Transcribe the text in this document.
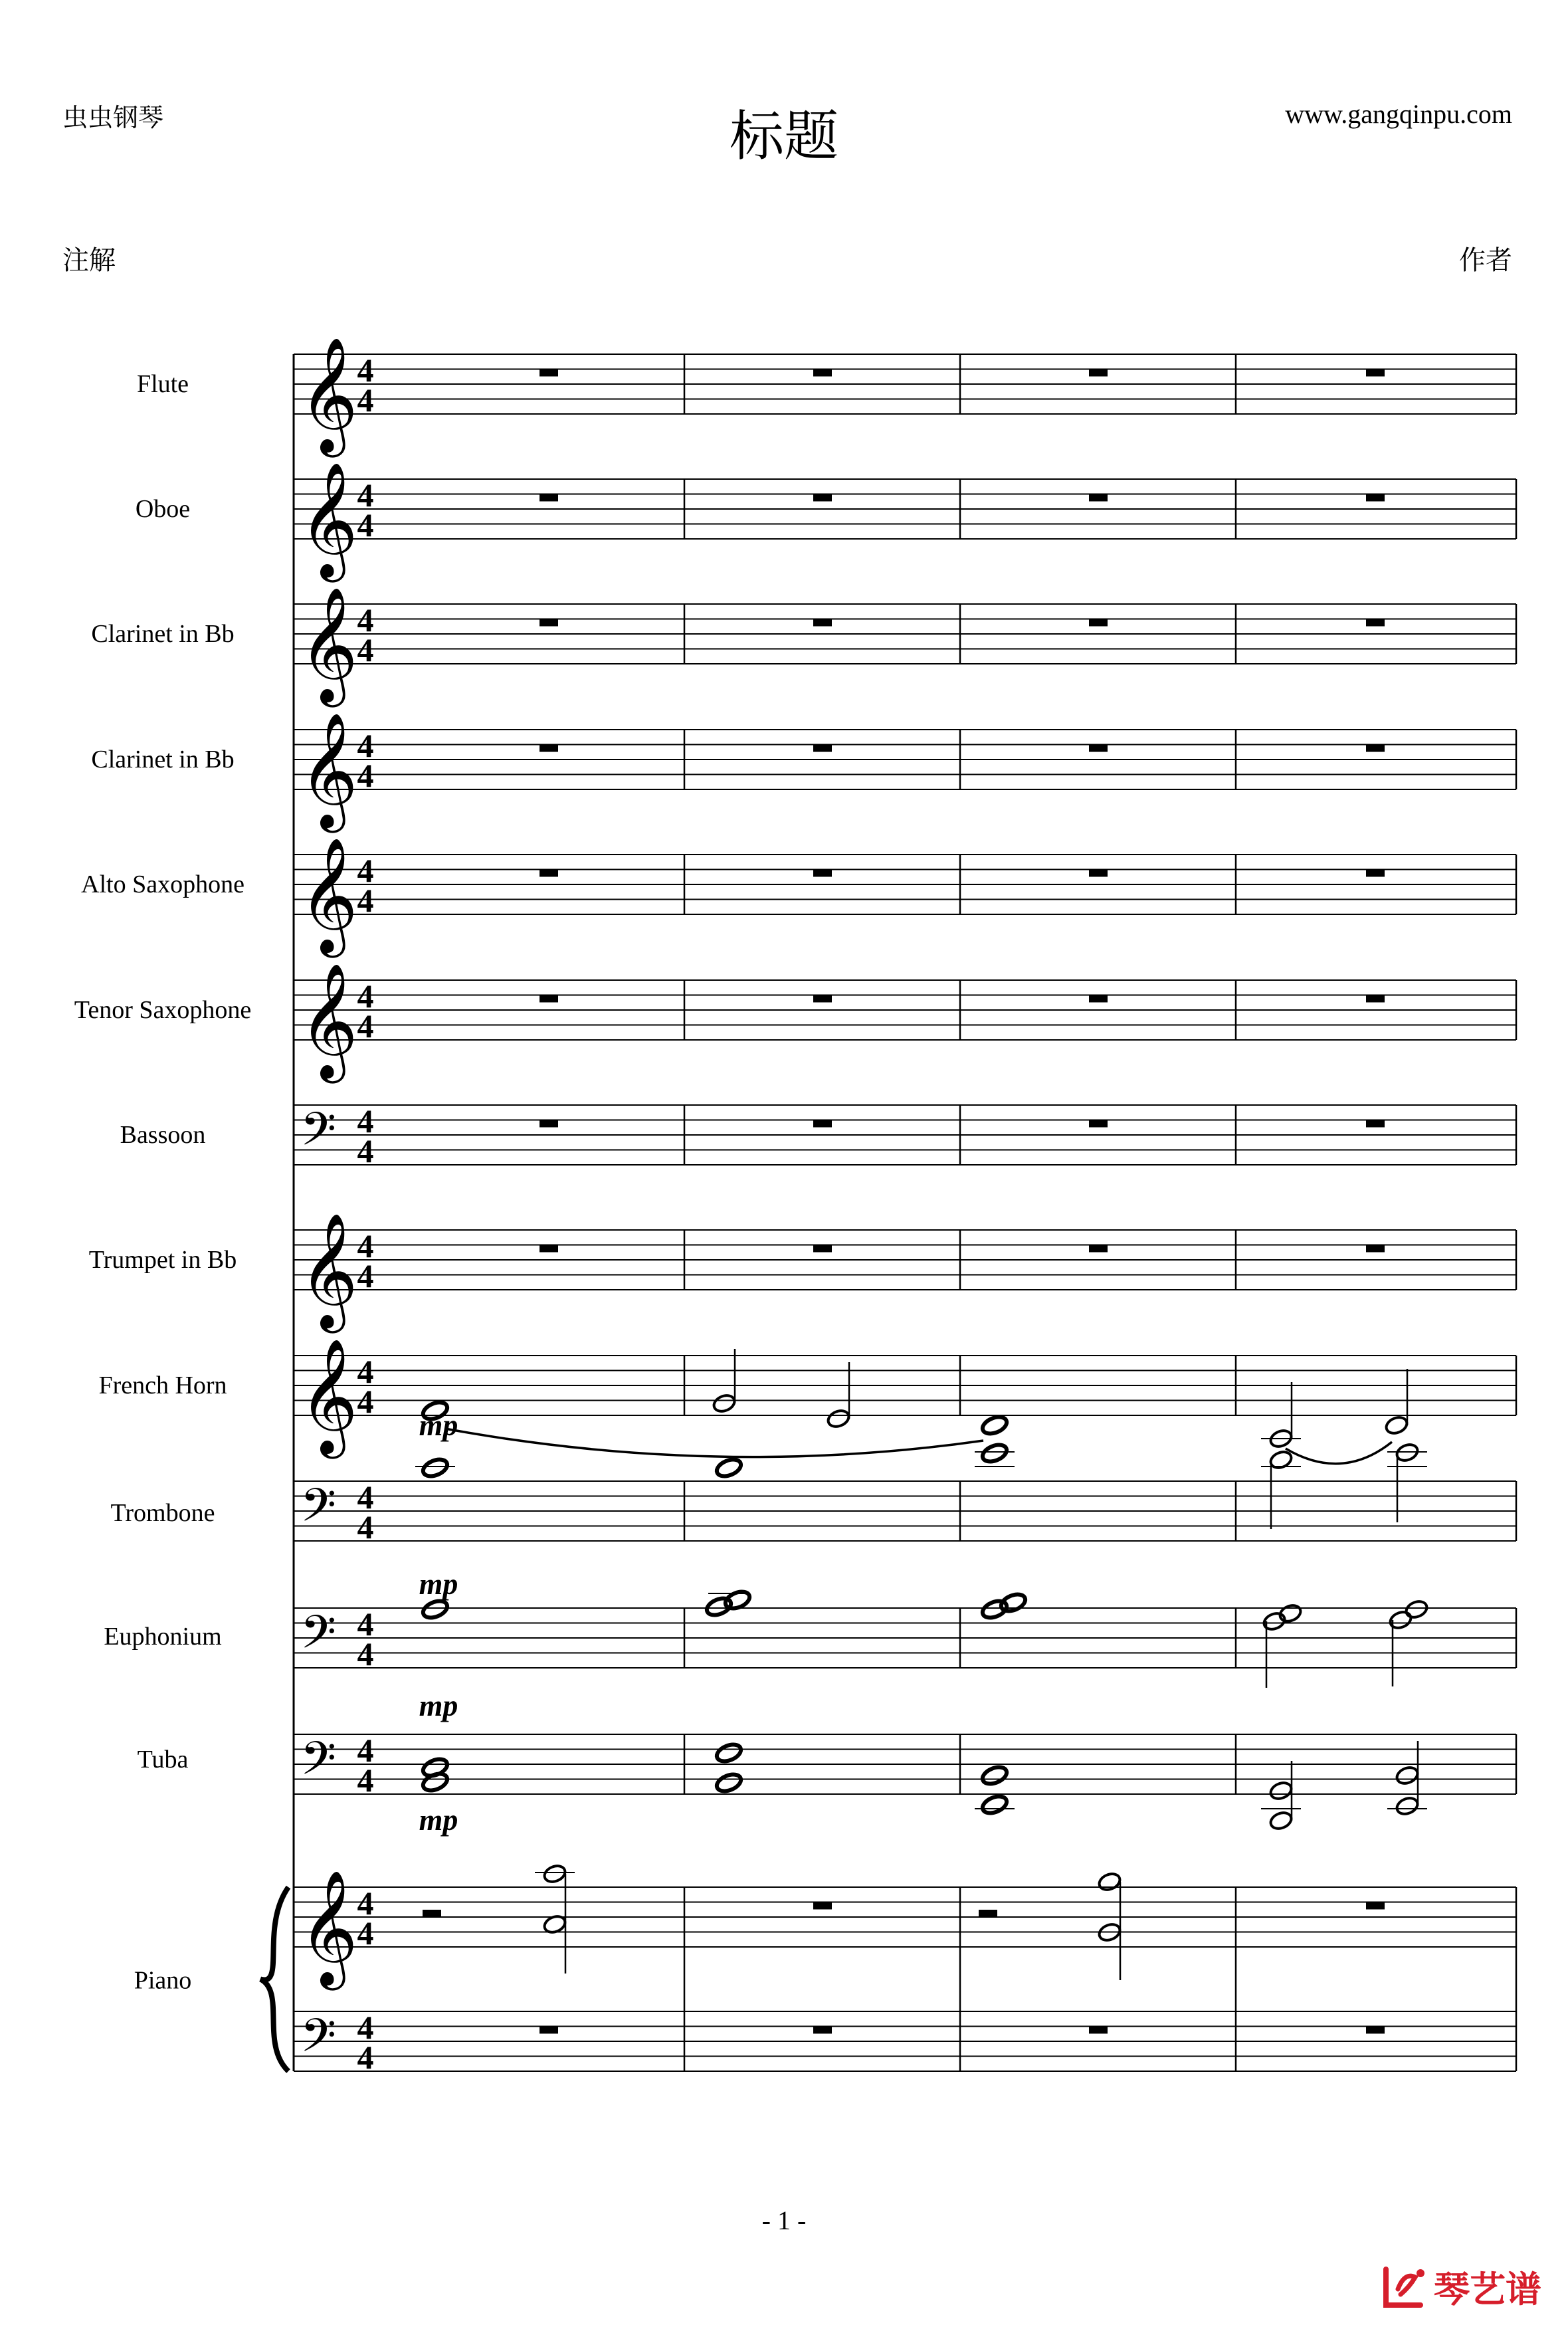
虫虫钢琴	标题	www.gangqinpu.com
注解	作者
Flute
Oboe
Clarinet in Bb
Clarinet in Bb
Alto Saxophone
Tenor Saxophone
Bassoon
Trumpet in Bb
French Horn
Trombone
Euphonium
Tuba
Piano
𝄞
4
4
𝄞
4
4
𝄞
4
4
𝄞
4
4
𝄞
4
4
𝄞
4
4
𝄢 4
4
𝄞
4
4
𝄞
4
4
𝄢 4
4
𝄢 4
4
𝄢 4
4
𝄞
4
4
𝄢 4
4
mp
mp
mp
mp
- 1 -
琴艺谱
